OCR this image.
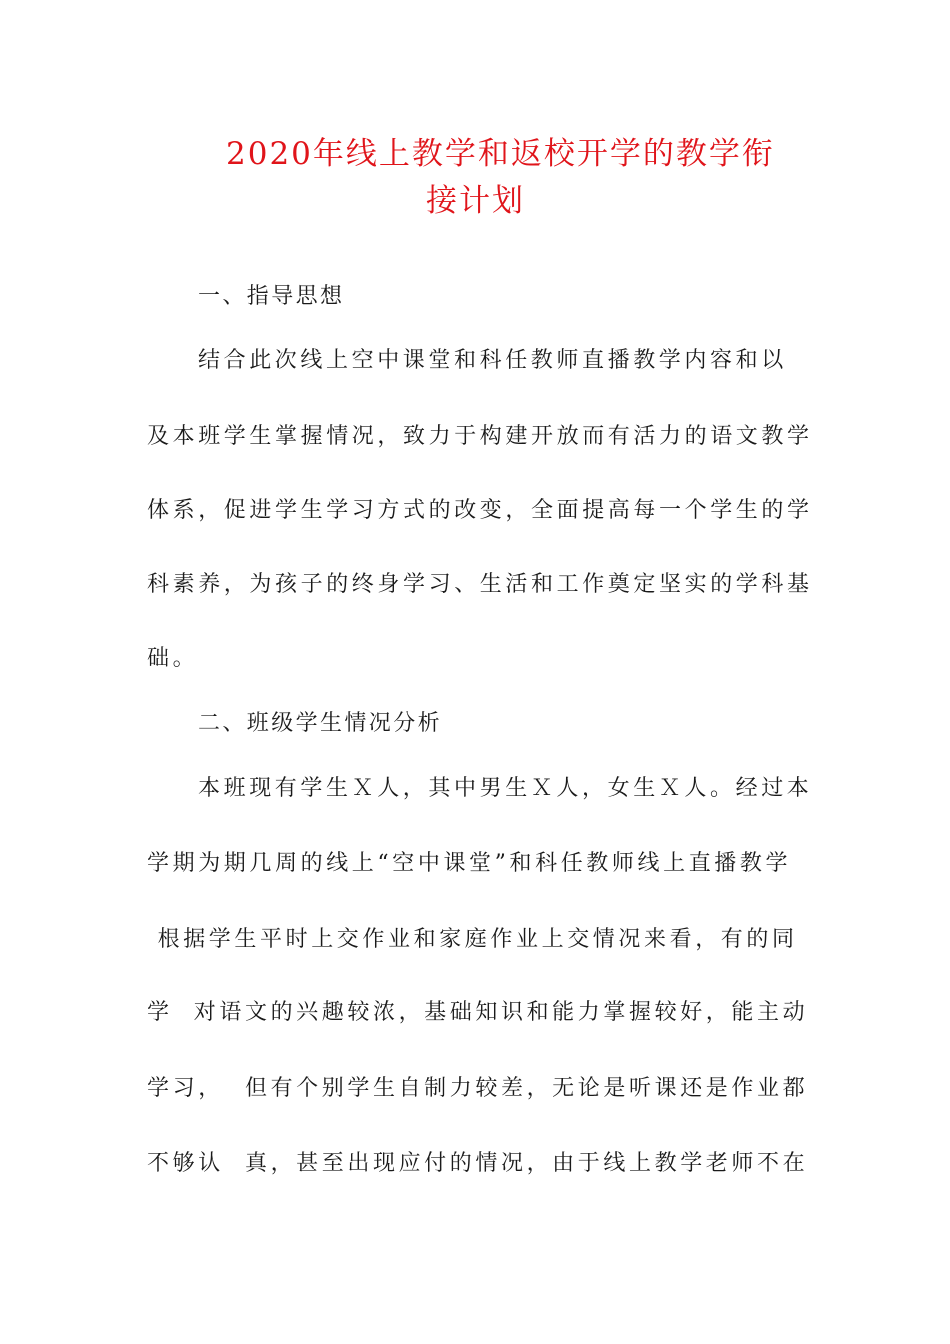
2020年线上教学和返校开学的教学衔
接计划
一、指导思想
结合此次线上空中课堂和科任教师直播教学内容和以
及本班学生掌握情况，致力于构建开放而有活力的语文教学
体系，促进学生学习方式的改变，全面提高每一个学生的学
科素养，为孩子的终身学习、生活和工作奠定坚实的学科基
础。
二、班级学生情况分析
本班现有学生Ｘ人，其中男生Ｘ人，女生Ｘ人。经过本
学期为期几周的线上“空中课堂”和科任教师线上直播教学
根据学生平时上交作业和家庭作业上交情况来看，有的同
学  对语文的兴趣较浓，基础知识和能力掌握较好，能主动
学习，  但有个别学生自制力较差，无论是听课还是作业都
不够认  真，甚至出现应付的情况，由于线上教学老师不在
